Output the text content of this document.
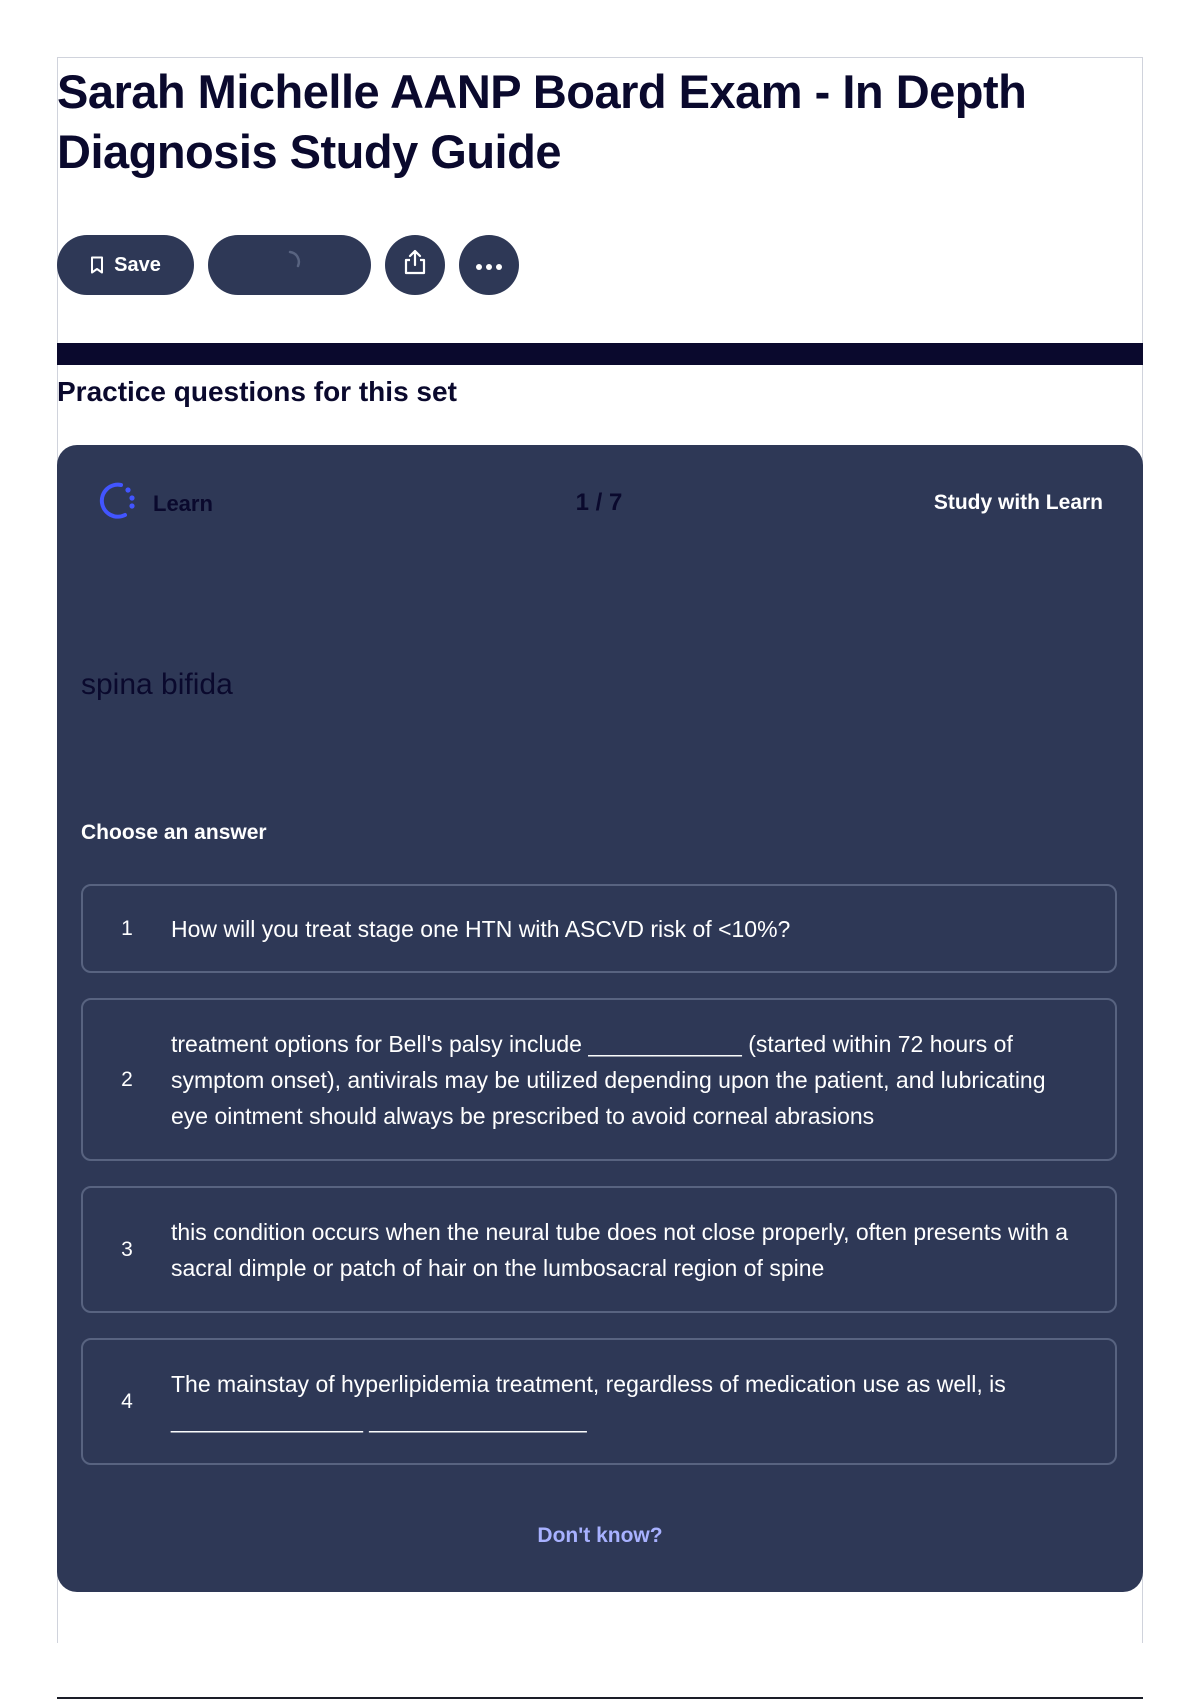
Sarah Michelle AANP Board Exam - In Depth Diagnosis Study Guide
Save
Practice questions for this set
1 / 7
Learn	Study with Learn
spina bifida
Choose an answer
1	How will you treat stage one HTN with ASCVD risk of <10%?
2
treatment options for Bell's palsy include ____________ (started within 72 hours of symptom onset), antivirals may be utilized depending upon the patient, and lubricating eye ointment should always be prescribed to avoid corneal abrasions
3
this condition occurs when the neural tube does not close properly, often presents with a sacral dimple or patch of hair on the lumbosacral region of spine
4
The mainstay of hyperlipidemia treatment, regardless of medication use as well, is _______________ _________________
Don't know?
